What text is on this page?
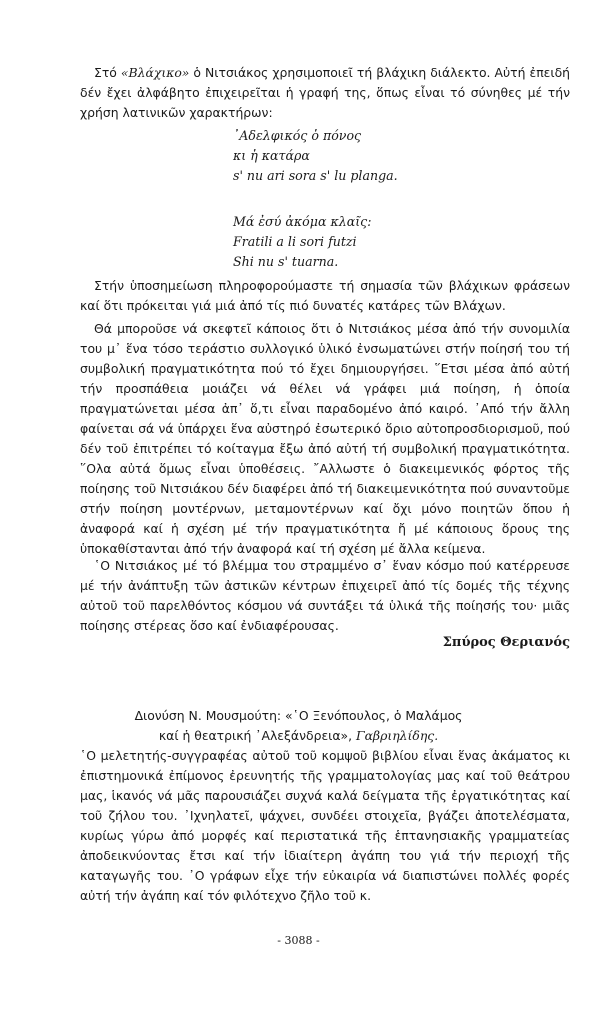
Στό «Βλάχικο» ὁ Νιτσιάκος χρησιμοποιεῖ τή βλάχικη διάλεκτο. Αὐτή ἐπειδή δέν ἔχει ἀλφάβητο ἐπιχειρεῖται ἡ γραφή της, ὅπως εἶναι τό σύνηθες μέ τήν χρήση λατινικῶν χαρακτήρων:

᾿Αδελφικός ὁ πόνος
κι ἡ κατάρα
s' nu ari sora s' lu planga.
Μά ἐσύ ἀκόμα κλαῖς:
Fratili a li sori futzi
Shi nu s' tuarna.

Στήν ὑποσημείωση πληροφορούμαστε τή σημασία τῶν βλάχικων φράσεων καί ὅτι πρόκειται γιά μιά ἀπό τίς πιό δυνατές κατάρες τῶν Βλάχων.

Θά μποροῦσε νά σκεφτεῖ κάποιος ὅτι ὁ Νιτσιάκος μέσα ἀπό τήν συνομιλία του μ᾿ ἕνα τόσο τεράστιο συλλογικό ὑλικό ἐνσωματώνει στήν ποίησή του τή συμβολική πραγματικότητα πού τό ἔχει δημιουργήσει. ῞Ετσι μέσα ἀπό αὐτή τήν προσπάθεια μοιάζει νά θέλει νά γράφει μιά ποίηση, ἡ ὁποία πραγματώνεται μέσα ἀπ᾿ ὅ,τι εἶναι παραδομένο ἀπό καιρό. ᾿Από τήν ἄλλη φαίνεται σά νά ὑπάρχει ἕνα αὐστηρό ἐσωτερικό ὅριο αὐτοπροσδιορισμοῦ, πού δέν τοῦ ἐπιτρέπει τό κοίταγμα ἔξω ἀπό αὐτή τή συμβολική πραγματικότητα. ῞Ολα αὐτά ὅμως εἶναι ὑποθέσεις. ῎Αλλωστε ὁ διακειμενικός φόρτος τῆς ποίησης τοῦ Νιτσιάκου δέν διαφέρει ἀπό τή διακειμενικότητα πού συναντοῦμε στήν ποίηση μοντέρνων, μεταμοντέρνων καί ὄχι μόνο ποιητῶν ὅπου ἡ ἀναφορά καί ἡ σχέση μέ τήν πραγματικότητα ἤ μέ κάποιους ὅρους της ὑποκαθίστανται ἀπό τήν ἀναφορά καί τή σχέση μέ ἄλλα κείμενα.

῾Ο Νιτσιάκος μέ τό βλέμμα του στραμμένο σ᾿ ἕναν κόσμο πού κατέρρευσε μέ τήν ἀνάπτυξη τῶν ἀστικῶν κέντρων ἐπιχειρεῖ ἀπό τίς δομές τῆς τέχνης αὐτοῦ τοῦ παρελθόντος κόσμου νά συντάξει τά ὑλικά τῆς ποίησής του· μιᾶς ποίησης στέρεας ὅσο καί ἐνδιαφέρουσας.

Σπύρος Θεριανός
Διονύση Ν. Μουσμούτη: «῾Ο Ξενόπουλος, ὁ Μαλάμος
καί ἡ θεατρική ᾿Αλεξάνδρεια», Γαβριηλίδης.

῾Ο μελετητής-συγγραφέας αὐτοῦ τοῦ κομψοῦ βιβλίου εἶναι ἕνας ἀκάματος κι ἐπιστημονικά ἐπίμονος ἐρευνητής τῆς γραμματολογίας μας καί τοῦ θεάτρου μας, ἱκανός νά μᾶς παρουσιάζει συχνά καλά δείγματα τῆς ἐργατικότητας καί τοῦ ζήλου του. ᾿Ιχνηλατεῖ, ψάχνει, συνδέει στοιχεῖα, βγάζει ἀποτελέσματα, κυρίως γύρω ἀπό μορφές καί περιστατικά τῆς ἑπτανησιακῆς γραμματείας ἀποδεικνύοντας ἔτσι καί τήν ἰδιαίτερη ἀγάπη του γιά τήν περιοχή τῆς καταγωγῆς του. ᾿Ο γράφων εἶχε τήν εὐκαιρία νά διαπιστώνει πολλές φορές αὐτή τήν ἀγάπη καί τόν φιλότεχνο ζῆλο τοῦ κ.

- 3088 -
